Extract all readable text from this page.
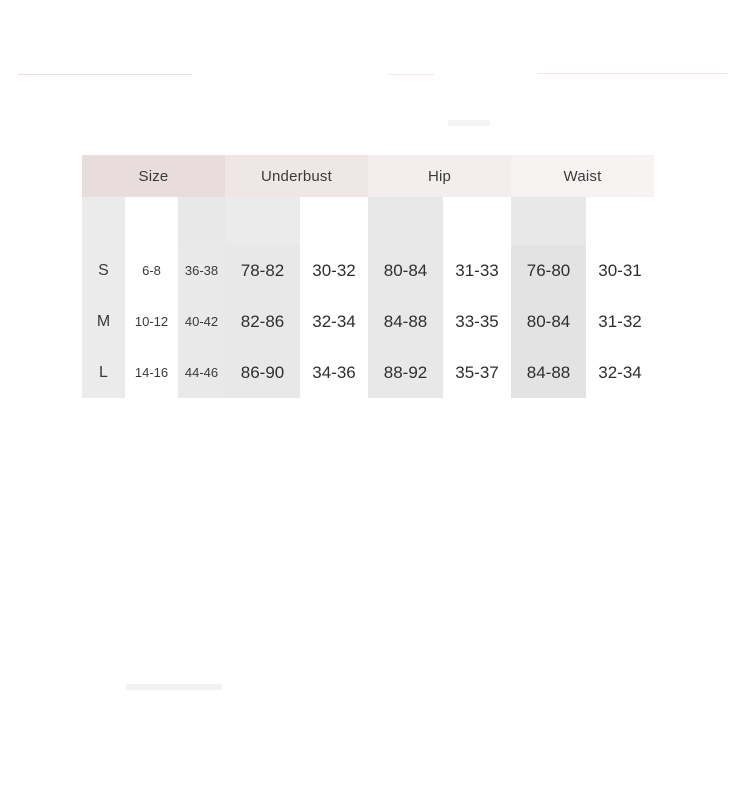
Size			Underbust		Hip		Waist	

S	6-8	36-38	78-82	30-32	80-84	31-33	76-80	30-31
M	10-12	40-42	82-86	32-34	84-88	33-35	80-84	31-32
L	14-16	44-46	86-90	34-36	88-92	35-37	84-88	32-34
